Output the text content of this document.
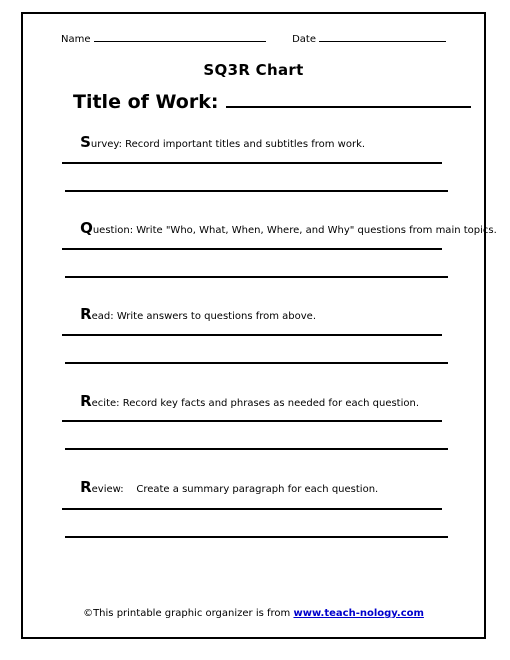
Name	Date
SQ3R Chart
Title of Work:

Survey: Record important titles and subtitles from work.

Question: Write "Who, What, When, Where, and Why" questions from main topics.

Read: Write answers to questions from above.

Recite: Record key facts and phrases as needed for each question.

Review:    Create a summary paragraph for each question.

©This printable graphic organizer is from www.teach-nology.com
